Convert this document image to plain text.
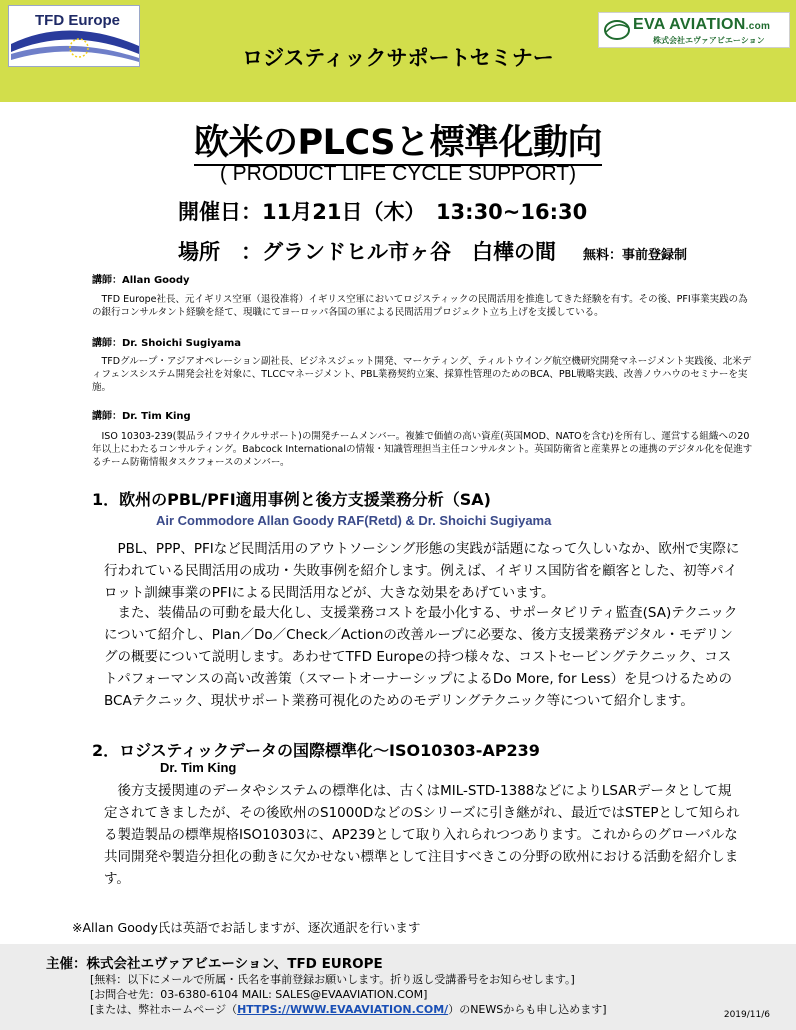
TFD Europe	EVA AVIATION.com
株式会社エヴァアビエーション
ロジスティックサポートセミナー
欧米のPLCSと標準化動向
( PRODUCT LIFE CYCLE SUPPORT)
開催日：11月21日（木）　13:30~16:30
場所　：グランドヒル市ヶ谷　白樺の間 無料：事前登録制
講師：Allan Goody
　TFD Europe社長、元イギリス空軍（退役准将）イギリス空軍においてロジスティックの民間活用を推進してきた経験を有す。その後、PFI事業実践の為の銀行コンサルタント経験を経て、現職にてヨーロッパ各国の軍による民間活用プロジェクト立ち上げを支援している。
講師：Dr. Shoichi Sugiyama
　TFDグループ・アジアオペレーション副社長、ビジネスジェット開発、マーケティング、ティルトウイング航空機研究開発マネージメント実践後、北米ディフェンスシステム開発会社を対象に、TLCCマネージメント、PBL業務契約立案、採算性管理のためのBCA、PBL戦略実践、改善ノウハウのセミナーを実施。
講師：Dr. Tim King
　ISO 10303-239(製品ライフサイクルサポート)の開発チームメンバー。複雑で価値の高い資産(英国MOD、NATOを含む)を所有し、運営する組織への20年以上にわたるコンサルティング。Babcock Internationalの情報・知識管理担当主任コンサルタント。英国防衛省と産業界との連携のデジタル化を促進するチーム防衛情報タスクフォースのメンバー。
1．欧州のPBL/PFI適用事例と後方支援業務分析（SA)
Air Commodore Allan Goody RAF(Retd) & Dr. Shoichi Sugiyama
　PBL、PPP、PFIなど民間活用のアウトソーシング形態の実践が話題になって久しいなか、欧州で実際に行われている民間活用の成功・失敗事例を紹介します。例えば、イギリス国防省を顧客とした、初等パイロット訓練事業のPFIによる民間活用などが、大きな効果をあげています。
　また、装備品の可動を最大化し、支援業務コストを最小化する、サポータビリティ監査(SA)テクニックについて紹介し、Plan／Do／Check／Actionの改善ループに必要な、後方支援業務デジタル・モデリングの概要について説明します。あわせてTFD Europeの持つ様々な、コストセービングテクニック、コストパフォーマンスの高い改善策（スマートオーナーシップによるDo More, for Less）を見つけるためのBCAテクニック、現状サポート業務可視化のためのモデリングテクニック等について紹介します。
2．ロジスティックデータの国際標準化～ISO10303-AP239
Dr. Tim King
　後方支援関連のデータやシステムの標準化は、古くはMIL-STD-1388などによりLSARデータとして規定されてきましたが、その後欧州のS1000DなどのSシリーズに引き継がれ、最近ではSTEPとして知られる製造製品の標準規格ISO10303に、AP239として取り入れられつつあります。これからのグローバルな共同開発や製造分担化の動きに欠かせない標準として注目すべきこの分野の欧州における活動を紹介します。
※Allan Goody氏は英語でお話しますが、逐次通訳を行います
主催：株式会社エヴァアビエーション、TFD EUROPE
[無料：以下にメールで所属・氏名を事前登録お願いします。折り返し受講番号をお知らせします。]
[お問合せ先：03-6380-6104 MAIL: SALES@EVAAVIATION.COM]
[または、弊社ホームページ（HTTPS://WWW.EVAAVIATION.COM/）のNEWSからも申し込めます]	2019/11/6
